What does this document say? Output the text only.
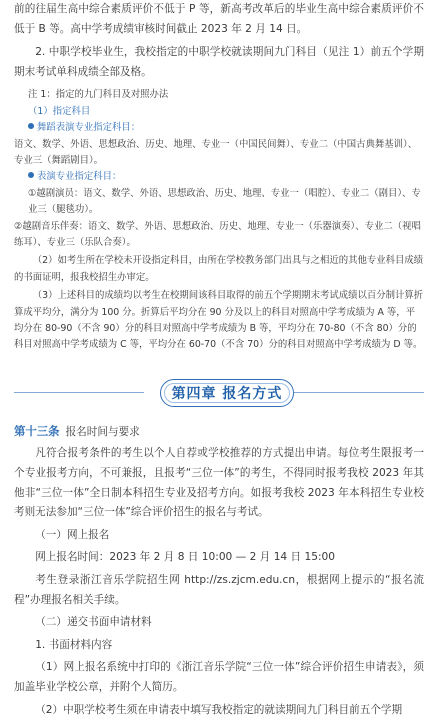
前的往届生高中综合素质评价不低于 P 等，新高考改革后的毕业生高中综合素质评价不低于 B 等。高中学考成绩审核时间截止 2023 年 2 月 14 日。

2. 中职学校毕业生，我校指定的中职学校就读期间九门科目（见注 1）前五个学期期末考试单科成绩全部及格。

注 1：指定的九门科目及对照办法

（1）指定科目

舞蹈表演专业指定科目：

语文、数学、外语、思想政治、历史、地理、专业一（中国民间舞）、专业二（中国古典舞基训）、专业三（舞蹈剧目）。

表演专业指定科目：

①越剧演员：语文、数学、外语、思想政治、历史、地理、专业一（唱腔）、专业二（剧目）、专业三（腿毯功）。

②越剧音乐伴奏：语文、数学、外语、思想政治、历史、地理、专业一（乐器演奏）、专业二（视唱练耳）、专业三（乐队合奏）。

（2）如考生所在学校未开设指定科目，由所在学校教务部门出具与之相近的其他专业科目成绩的书面证明，报我校招生办审定。

（3）上述科目的成绩均以考生在校期间该科目取得的前五个学期期末考试成绩以百分制计算折算成平均分，满分为 100 分。折算后平均分在 90 分及以上的科目对照高中学考成绩为 A 等，平均分在 80-90（不含 90）分的科目对照高中学考成绩为 B 等，平均分在 70-80（不含 80）分的科目对照高中学考成绩为 C 等，平均分在 60-70（不含 70）分的科目对照高中学考成绩为 D 等。

第四章 报名方式

第十三条 报名时间与要求

凡符合报考条件的考生以个人自荐或学校推荐的方式提出申请。每位考生限报考一个专业报考方向，不可兼报，且报考“三位一体”的考生，不得同时报考我校 2023 年其他非“三位一体”全日制本科招生专业及招考方向。如报考我校 2023 年本科招生专业校考则无法参加“三位一体”综合评价招生的报名与考试。

（一）网上报名

网上报名时间：2023 年 2 月 8 日 10:00 — 2 月 14 日 15:00

考生登录浙江音乐学院招生网 http://zs.zjcm.edu.cn，根据网上提示的“报名流程”办理报名相关手续。

（二）递交书面申请材料

1. 书面材料内容

（1）网上报名系统中打印的《浙江音乐学院“三位一体”综合评价招生申请表》，须加盖毕业学校公章，并附个人简历。

（2）中职学校考生须在申请表中填写我校指定的就读期间九门科目前五个学期
